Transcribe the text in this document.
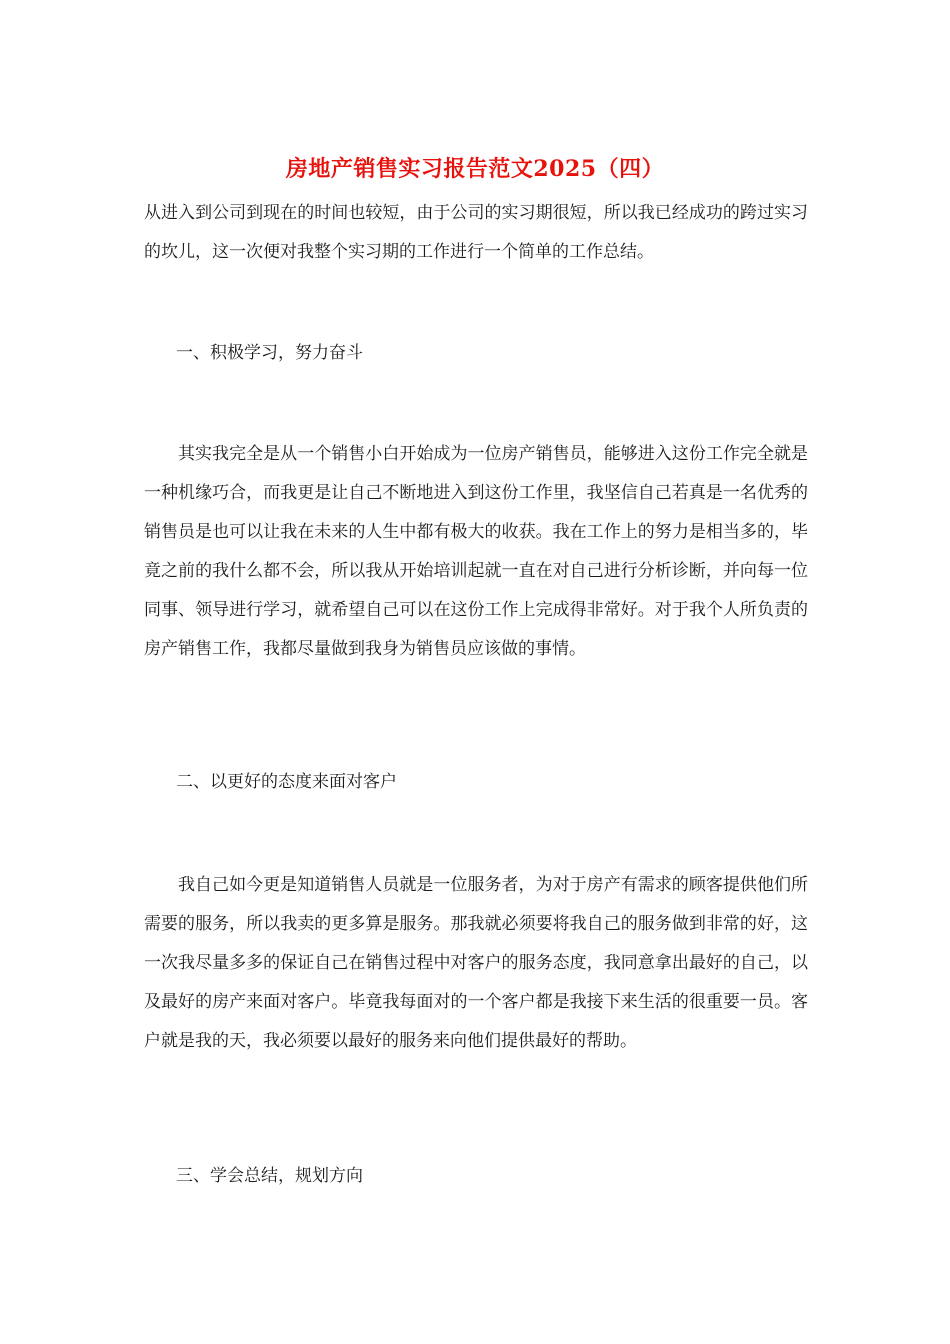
房地产销售实习报告范文2025（四）

从进入到公司到现在的时间也较短，由于公司的实习期很短，所以我已经成功的跨过实习的坎儿，这一次便对我整个实习期的工作进行一个简单的工作总结。

一、积极学习，努力奋斗

其实我完全是从一个销售小白开始成为一位房产销售员，能够进入这份工作完全就是一种机缘巧合，而我更是让自己不断地进入到这份工作里，我坚信自己若真是一名优秀的销售员是也可以让我在未来的人生中都有极大的收获。我在工作上的努力是相当多的，毕竟之前的我什么都不会，所以我从开始培训起就一直在对自己进行分析诊断，并向每一位同事、领导进行学习，就希望自己可以在这份工作上完成得非常好。对于我个人所负责的房产销售工作，我都尽量做到我身为销售员应该做的事情。

二、以更好的态度来面对客户

我自己如今更是知道销售人员就是一位服务者，为对于房产有需求的顾客提供他们所需要的服务，所以我卖的更多算是服务。那我就必须要将我自己的服务做到非常的好，这一次我尽量多多的保证自己在销售过程中对客户的服务态度，我同意拿出最好的自己，以及最好的房产来面对客户。毕竟我每面对的一个客户都是我接下来生活的很重要一员。客户就是我的天，我必须要以最好的服务来向他们提供最好的帮助。

三、学会总结，规划方向
